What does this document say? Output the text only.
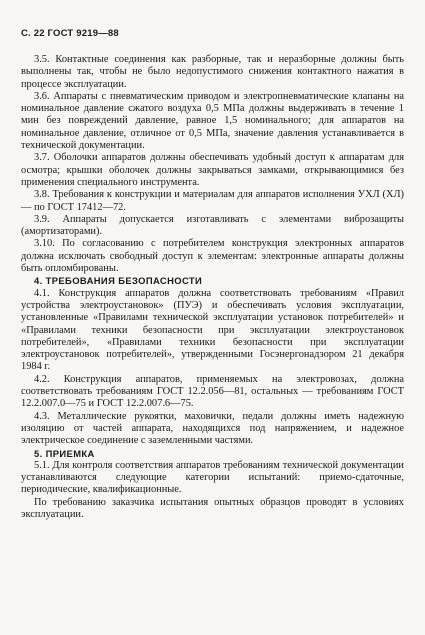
С. 22 ГОСТ 9219—88

3.5. Контактные соединения как разборные, так и неразборные должны быть выполнены так, чтобы не было недопустимого снижения контактного нажатия в процессе эксплуатации.

3.6. Аппараты с пневматическим приводом и электропневматические клапаны на номинальное давление сжатого воздуха 0,5 МПа должны выдерживать в течение 1 мин без повреждений давление, равное 1,5 номинального; для аппаратов на номинальное давление, отличное от 0,5 МПа, значение давления устанавливается в технической документации.

3.7. Оболочки аппаратов должны обеспечивать удобный доступ к аппаратам для осмотра; крышки оболочек должны закрываться замками, открывающимися без применения специального инструмента.

3.8. Требования к конструкции и материалам для аппаратов исполнения УХЛ (ХЛ) — по ГОСТ 17412—72.

3.9. Аппараты допускается изготавливать с элементами виброзащиты (амортизаторами).

3.10. По согласованию с потребителем конструкция электронных аппаратов должна исключать свободный доступ к элементам: электронные аппараты должны быть опломбированы.

4. ТРЕБОВАНИЯ БЕЗОПАСНОСТИ

4.1. Конструкция аппаратов должна соответствовать требованиям «Правил устройства электроустановок» (ПУЭ) и обеспечивать условия эксплуатации, установленные «Правилами технической эксплуатации установок потребителей» и «Правилами техники безопасности при эксплуатации электроустановок потребителей», «Правилами техники безопасности при эксплуатации электроустановок потребителей», утвержденными Госэнергонадзором 21 декабря 1984 г.

4.2. Конструкция аппаратов, применяемых на электровозах, должна соответствовать требованиям ГОСТ 12.2.056—81, остальных — требованиям ГОСТ 12.2.007.0—75 и ГОСТ 12.2.007.6—75.

4.3. Металлические рукоятки, маховички, педали должны иметь надежную изоляцию от частей аппарата, находящихся под напряжением, и надежное электрическое соединение с заземленными частями.

5. ПРИЕМКА

5.1. Для контроля соответствия аппаратов требованиям технической документации устанавливаются следующие категории испытаний: приемо-сдаточные, периодические, квалификационные.

По требованию заказчика испытания опытных образцов проводят в условиях эксплуатации.
